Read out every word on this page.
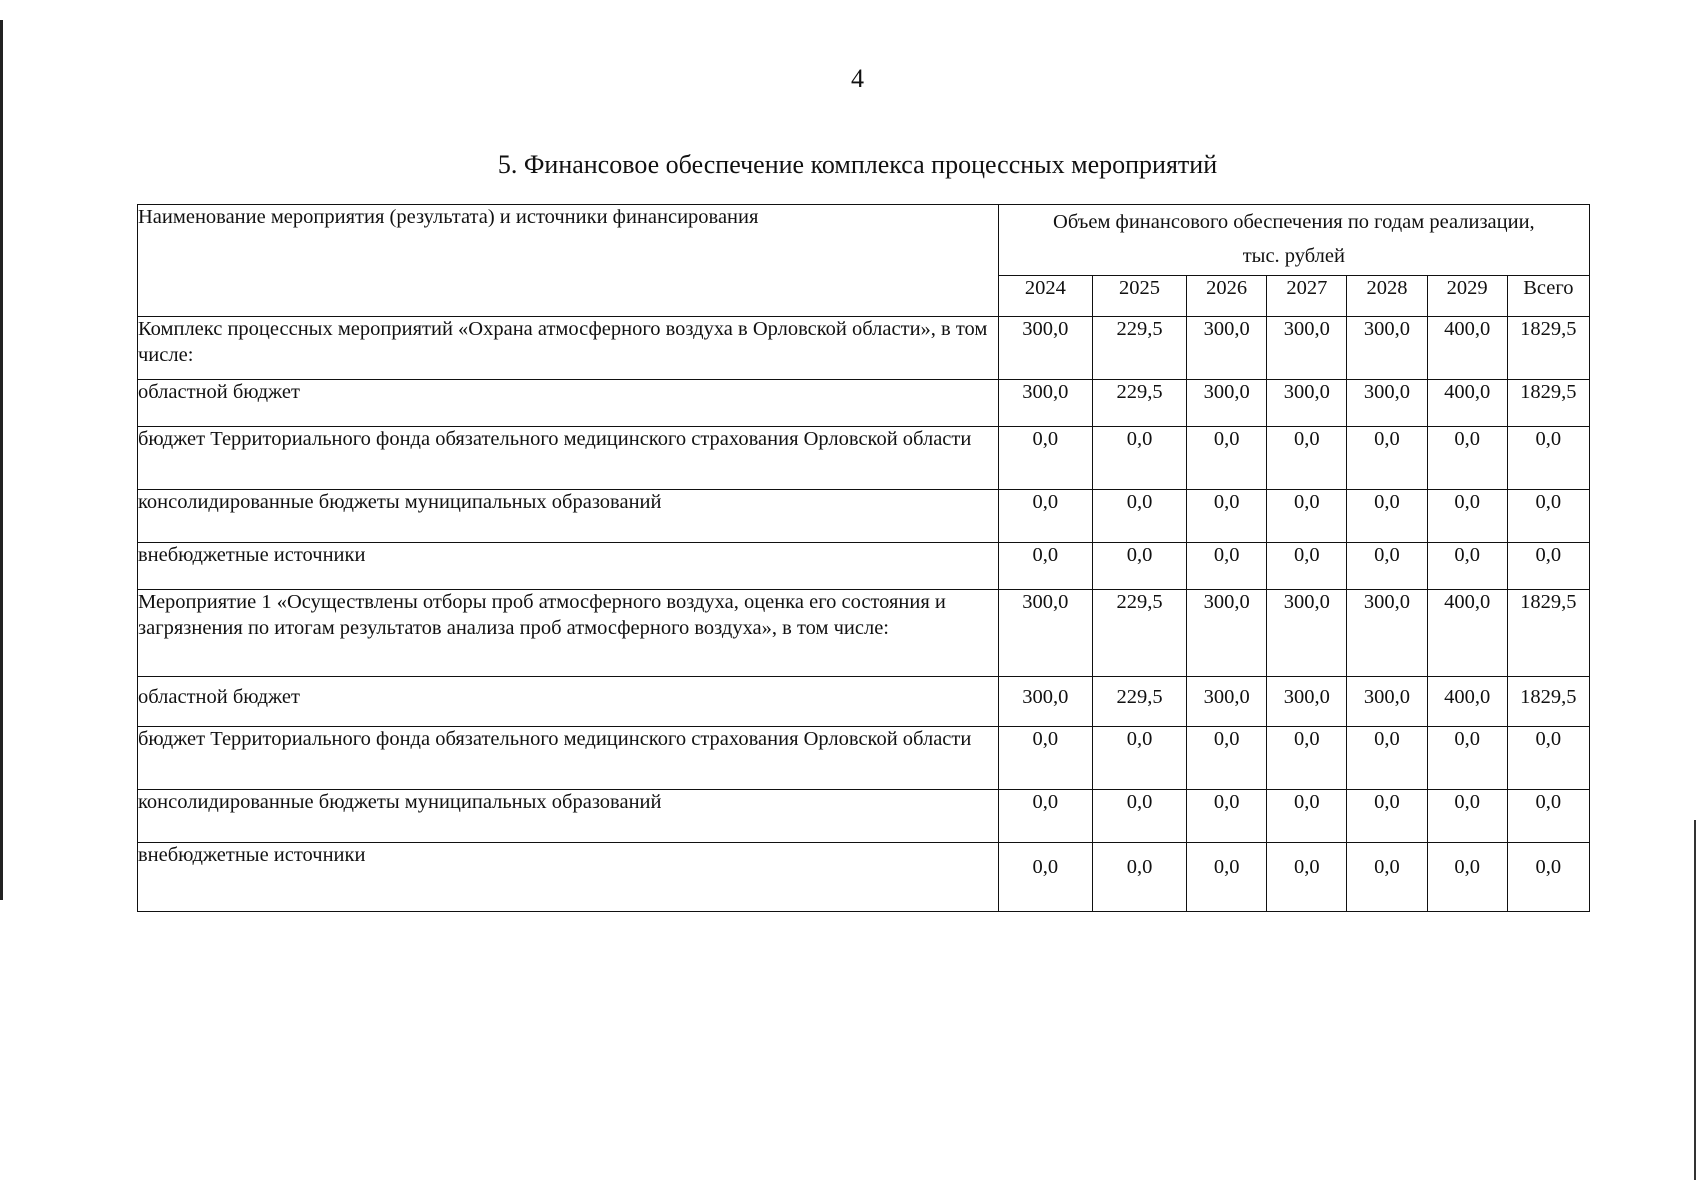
4
5. Финансовое обеспечение комплекса процессных мероприятий
Наименование мероприятия (результата) и источники финансирования	Объем финансового обеспечения по годам реализации,
тыс. рублей						
	2024	2025	2026	2027	2028	2029	Всего
Комплекс процессных мероприятий «Охрана атмосферного воздуха в Орловской области», в том числе:	300,0	229,5	300,0	300,0	300,0	400,0	1829,5
областной бюджет	300,0	229,5	300,0	300,0	300,0	400,0	1829,5
бюджет Территориального фонда обязательного медицинского страхования Орловской области	0,0	0,0	0,0	0,0	0,0	0,0	0,0
консолидированные бюджеты муниципальных образований	0,0	0,0	0,0	0,0	0,0	0,0	0,0
внебюджетные источники	0,0	0,0	0,0	0,0	0,0	0,0	0,0
Мероприятие 1 «Осуществлены отборы проб атмосферного воздуха, оценка его состояния и загрязнения по итогам результатов анализа проб атмосферного воздуха», в том числе:	300,0	229,5	300,0	300,0	300,0	400,0	1829,5
областной бюджет	300,0	229,5	300,0	300,0	300,0	400,0	1829,5
бюджет Территориального фонда обязательного медицинского страхования Орловской области	0,0	0,0	0,0	0,0	0,0	0,0	0,0
консолидированные бюджеты муниципальных образований	0,0	0,0	0,0	0,0	0,0	0,0	0,0
внебюджетные источники	0,0	0,0	0,0	0,0	0,0	0,0	0,0
